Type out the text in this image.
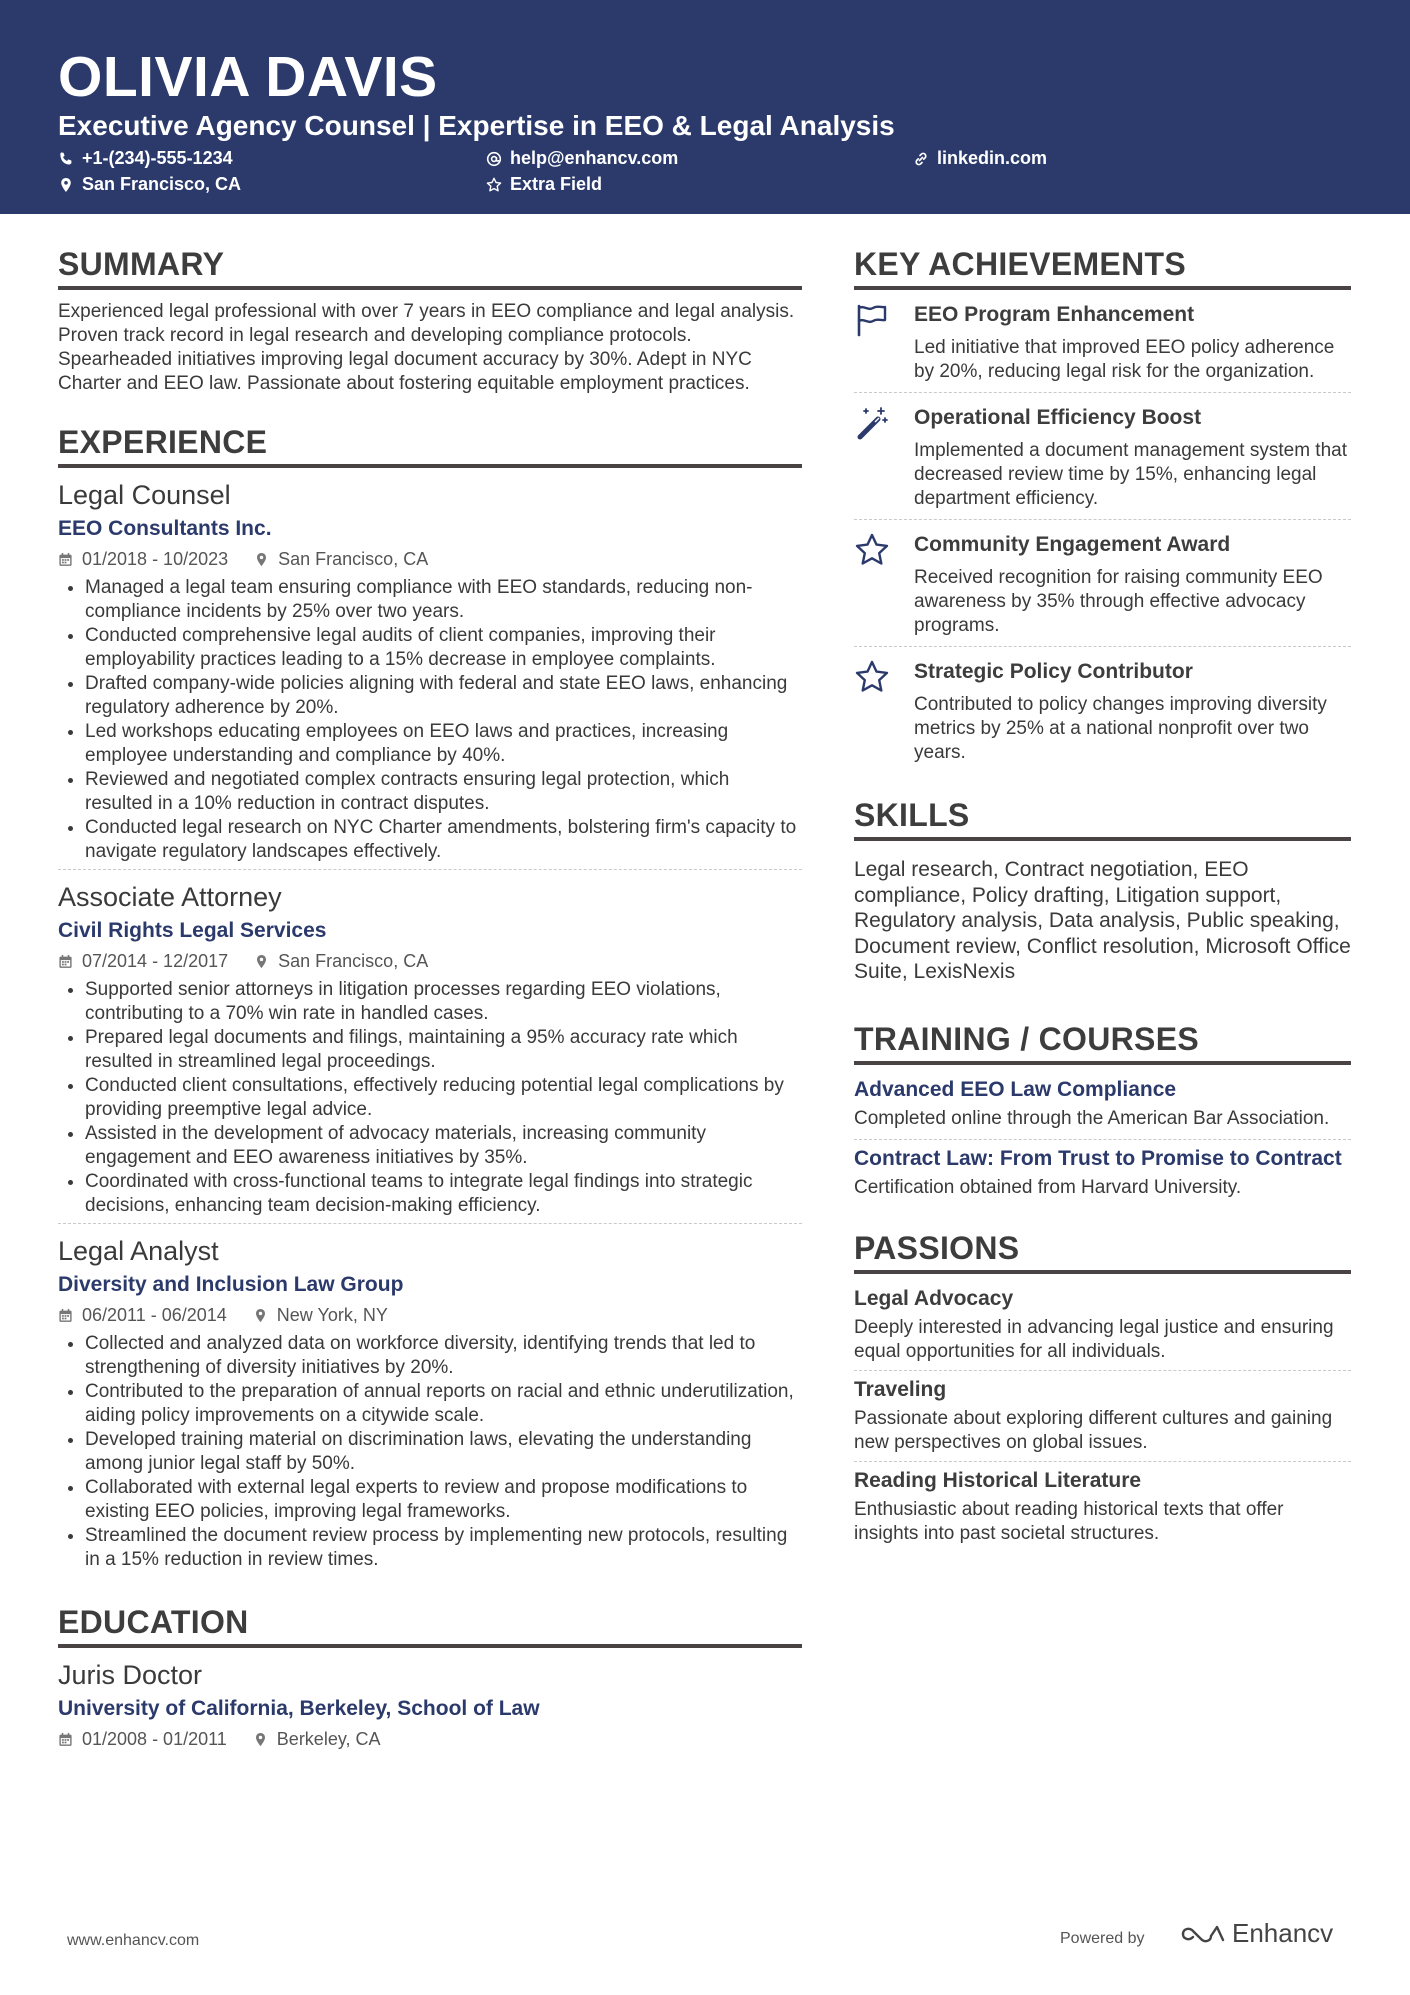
OLIVIA DAVIS
Executive Agency Counsel | Expertise in EEO & Legal Analysis
+1-(234)-555-1234	help@enhancv.com	linkedin.com
San Francisco, CA	Extra Field
SUMMARY
Experienced legal professional with over 7 years in EEO compliance and legal analysis. Proven track record in legal research and developing compliance protocols. Spearheaded initiatives improving legal document accuracy by 30%. Adept in NYC Charter and EEO law. Passionate about fostering equitable employment practices.
EXPERIENCE
Legal Counsel
EEO Consultants Inc.
01/2018 - 10/2023	San Francisco, CA
• Managed a legal team ensuring compliance with EEO standards, reducing non-compliance incidents by 25% over two years.
• Conducted comprehensive legal audits of client companies, improving their employability practices leading to a 15% decrease in employee complaints.
• Drafted company-wide policies aligning with federal and state EEO laws, enhancing regulatory adherence by 20%.
• Led workshops educating employees on EEO laws and practices, increasing employee understanding and compliance by 40%.
• Reviewed and negotiated complex contracts ensuring legal protection, which resulted in a 10% reduction in contract disputes.
• Conducted legal research on NYC Charter amendments, bolstering firm's capacity to navigate regulatory landscapes effectively.
Associate Attorney
Civil Rights Legal Services
07/2014 - 12/2017	San Francisco, CA
• Supported senior attorneys in litigation processes regarding EEO violations, contributing to a 70% win rate in handled cases.
• Prepared legal documents and filings, maintaining a 95% accuracy rate which resulted in streamlined legal proceedings.
• Conducted client consultations, effectively reducing potential legal complications by providing preemptive legal advice.
• Assisted in the development of advocacy materials, increasing community engagement and EEO awareness initiatives by 35%.
• Coordinated with cross-functional teams to integrate legal findings into strategic decisions, enhancing team decision-making efficiency.
Legal Analyst
Diversity and Inclusion Law Group
06/2011 - 06/2014	New York, NY
• Collected and analyzed data on workforce diversity, identifying trends that led to strengthening of diversity initiatives by 20%.
• Contributed to the preparation of annual reports on racial and ethnic underutilization, aiding policy improvements on a citywide scale.
• Developed training material on discrimination laws, elevating the understanding among junior legal staff by 50%.
• Collaborated with external legal experts to review and propose modifications to existing EEO policies, improving legal frameworks.
• Streamlined the document review process by implementing new protocols, resulting in a 15% reduction in review times.
EDUCATION
Juris Doctor
University of California, Berkeley, School of Law
01/2008 - 01/2011	Berkeley, CA
KEY ACHIEVEMENTS
EEO Program Enhancement
Led initiative that improved EEO policy adherence by 20%, reducing legal risk for the organization.
Operational Efficiency Boost
Implemented a document management system that decreased review time by 15%, enhancing legal department efficiency.
Community Engagement Award
Received recognition for raising community EEO awareness by 35% through effective advocacy programs.
Strategic Policy Contributor
Contributed to policy changes improving diversity metrics by 25% at a national nonprofit over two years.
SKILLS
Legal research, Contract negotiation, EEO compliance, Policy drafting, Litigation support, Regulatory analysis, Data analysis, Public speaking, Document review, Conflict resolution, Microsoft Office Suite, LexisNexis
TRAINING / COURSES
Advanced EEO Law Compliance
Completed online through the American Bar Association.
Contract Law: From Trust to Promise to Contract
Certification obtained from Harvard University.
PASSIONS
Legal Advocacy
Deeply interested in advancing legal justice and ensuring equal opportunities for all individuals.
Traveling
Passionate about exploring different cultures and gaining new perspectives on global issues.
Reading Historical Literature
Enthusiastic about reading historical texts that offer insights into past societal structures.
www.enhancv.com	Powered by	Enhancv
